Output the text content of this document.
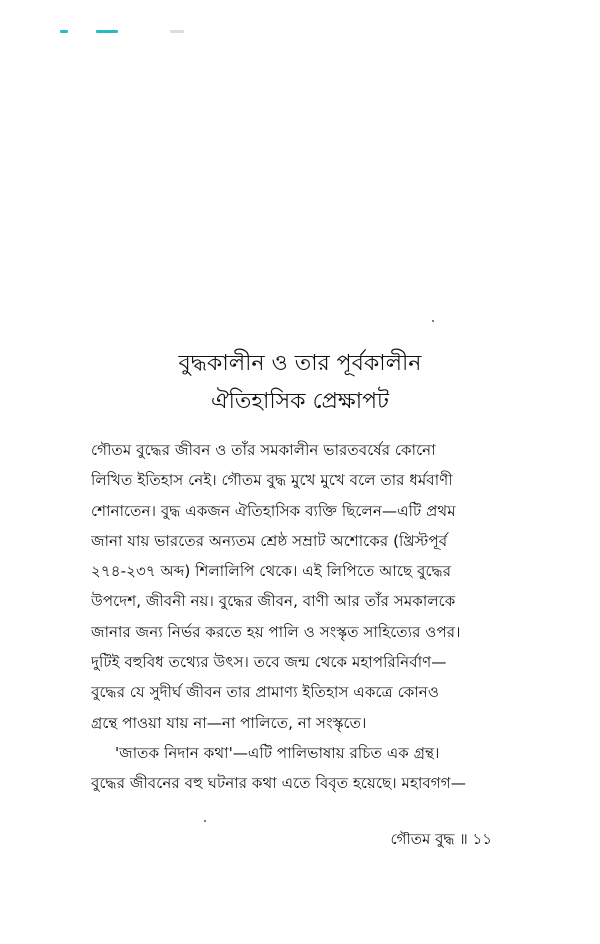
বুদ্ধকালীন ও তার পূর্বকালীন
ঐতিহাসিক প্রেক্ষাপট
গৌতম বুদ্ধের জীবন ও তাঁর সমকালীন ভারতবর্ষের কোনো
লিখিত ইতিহাস নেই। গৌতম বুদ্ধ মুখে মুখে বলে তার ধর্মবাণী
শোনাতেন। বুদ্ধ একজন ঐতিহাসিক ব্যক্তি ছিলেন—এটি প্রথম
জানা যায় ভারতের অন্যতম শ্রেষ্ঠ সম্রাট অশোকের (খ্রিস্টপূর্ব
২৭৪-২৩৭ অব্দ) শিলালিপি থেকে। এই লিপিতে আছে বুদ্ধের
উপদেশ, জীবনী নয়। বুদ্ধের জীবন, বাণী আর তাঁর সমকালকে
জানার জন্য নির্ভর করতে হয় পালি ও সংস্কৃত সাহিত্যের ওপর।
দুটিই বহুবিধ তথ্যের উৎস। তবে জন্ম থেকে মহাপরিনির্বাণ—
বুদ্ধের যে সুদীর্ঘ জীবন তার প্রামাণ্য ইতিহাস একত্রে কোনও
গ্রন্থে পাওয়া যায় না—না পালিতে, না সংস্কৃতে।
'জাতক নিদান কথা'—এটি পালিভাষায় রচিত এক গ্রন্থ।
বুদ্ধের জীবনের বহু ঘটনার কথা এতে বিবৃত হয়েছে। মহাবগগ—
গৌতম বুদ্ধ ॥ ১১
